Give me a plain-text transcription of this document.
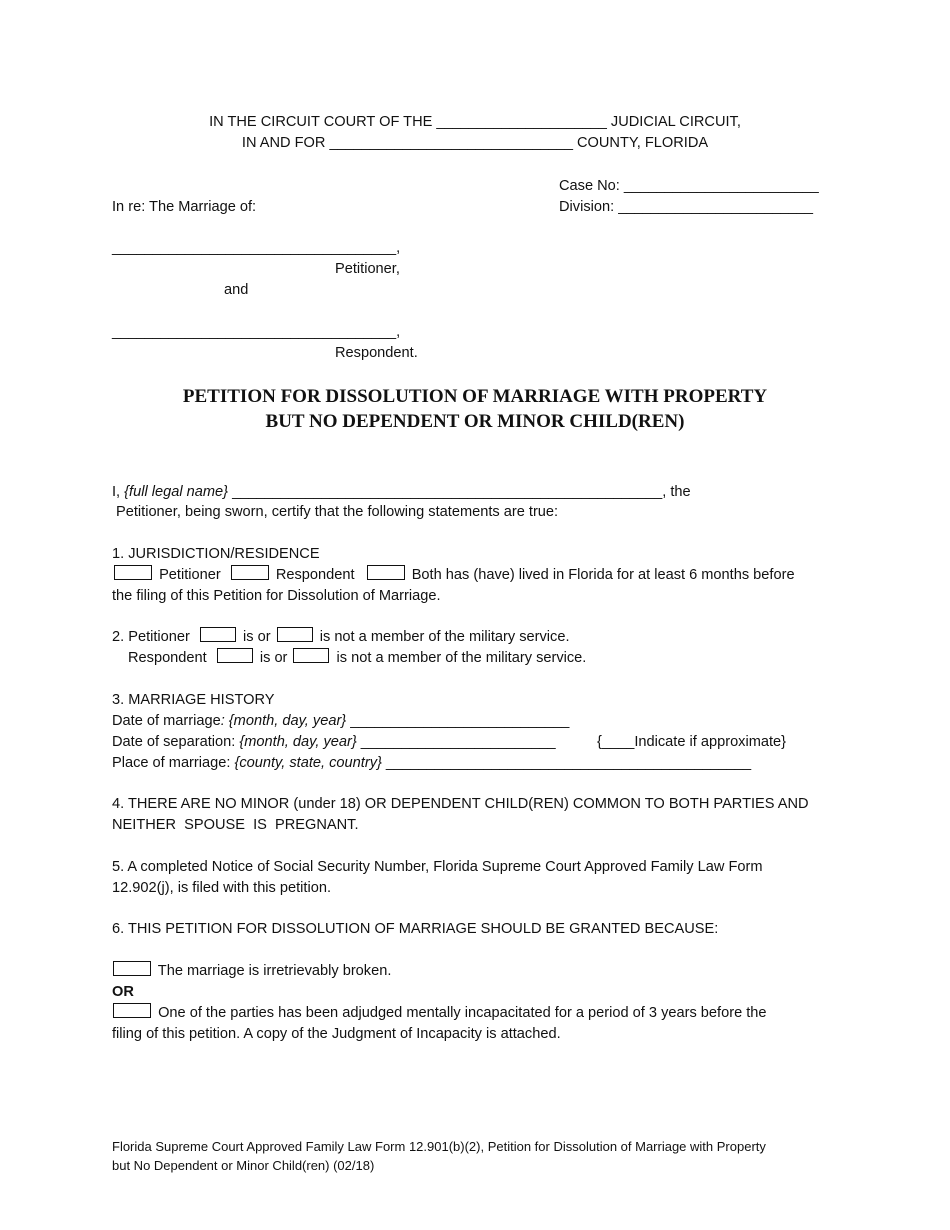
IN THE CIRCUIT COURT OF THE _____________________ JUDICIAL CIRCUIT,
IN AND FOR ______________________________ COUNTY, FLORIDA
Case No: ________________________
Division: ________________________
In re: The Marriage of:
___________________________________,
Petitioner,
and
___________________________________,
Respondent.
PETITION FOR DISSOLUTION OF MARRIAGE WITH PROPERTY
BUT NO DEPENDENT OR MINOR CHILD(REN)
I, {full legal name} _____________________________________________________, the
Petitioner, being sworn, certify that the following statements are true:
1. JURISDICTION/RESIDENCE
Petitioner	Respondent	Both has (have) lived in Florida for at least 6 months before
the filing of this Petition for Dissolution of Marriage.
2. Petitioner	is or	is not a member of the military service.
Respondent	is or	is not a member of the military service.
3. MARRIAGE HISTORY
Date of marriage: {month, day, year} ___________________________
Date of separation: {month, day, year} ________________________	{____Indicate if approximate}
Place of marriage: {county, state, country} _____________________________________________
4. THERE ARE NO MINOR (under 18) OR DEPENDENT CHILD(REN) COMMON TO BOTH PARTIES AND
NEITHER  SPOUSE  IS  PREGNANT.
5. A completed Notice of Social Security Number, Florida Supreme Court Approved Family Law Form
12.902(j), is filed with this petition.
6. THIS PETITION FOR DISSOLUTION OF MARRIAGE SHOULD BE GRANTED BECAUSE:
The marriage is irretrievably broken.
OR
One of the parties has been adjudged mentally incapacitated for a period of 3 years before the
filing of this petition. A copy of the Judgment of Incapacity is attached.
Florida Supreme Court Approved Family Law Form 12.901(b)(2), Petition for Dissolution of Marriage with Property
but No Dependent or Minor Child(ren) (02/18)
